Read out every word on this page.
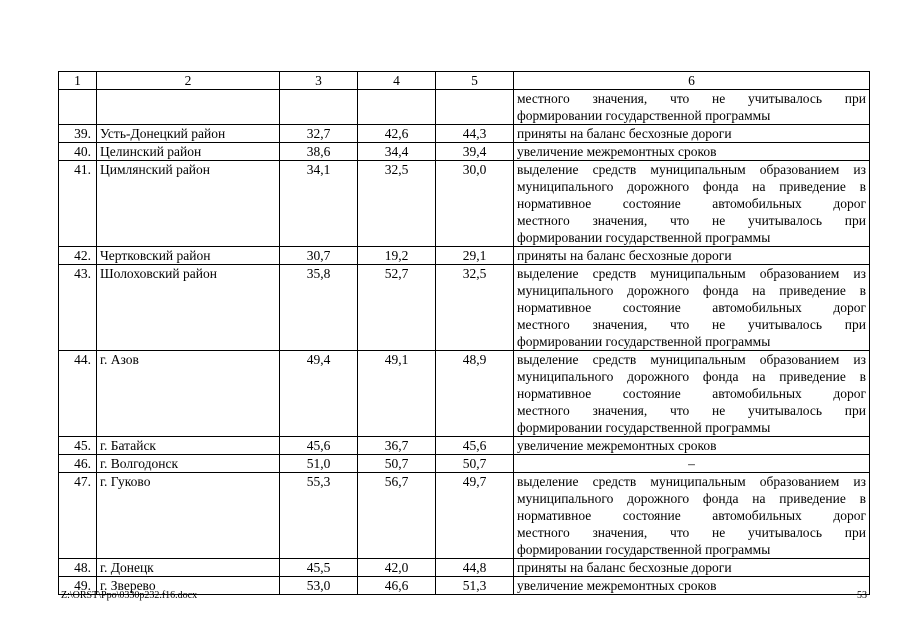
1	2	3	4	5	6

					местного значения, что не учитывалось при
формировании государственной программы

39.	Усть-Донецкий район	32,7	42,6	44,3	приняты на баланс бесхозные дороги

40.	Целинский район	38,6	34,4	39,4	увеличение межремонтных сроков

41.	Цимлянский район	34,1	32,5	30,0	выделение средств муниципальным образованием из
муниципального дорожного фонда на приведение в
нормативное состояние автомобильных дорог
местного значения, что не учитывалось при
формировании государственной программы

42.	Чертковский район	30,7	19,2	29,1	приняты на баланс бесхозные дороги

43.	Шолоховский район	35,8	52,7	32,5	выделение средств муниципальным образованием из
муниципального дорожного фонда на приведение в
нормативное состояние автомобильных дорог
местного значения, что не учитывалось при
формировании государственной программы

44.	г. Азов	49,4	49,1	48,9	выделение средств муниципальным образованием из
муниципального дорожного фонда на приведение в
нормативное состояние автомобильных дорог
местного значения, что не учитывалось при
формировании государственной программы

45.	г. Батайск	45,6	36,7	45,6	увеличение межремонтных сроков

46.	г. Волгодонск	51,0	50,7	50,7	–

47.	г. Гуково	55,3	56,7	49,7	выделение средств муниципальным образованием из
муниципального дорожного фонда на приведение в
нормативное состояние автомобильных дорог
местного значения, что не учитывалось при
формировании государственной программы

48.	г. Донецк	45,5	42,0	44,8	приняты на баланс бесхозные дороги

49.	г. Зверево	53,0	46,6	51,3	увеличение межремонтных сроков
Z:\ORST\Ppo\0330p232.f16.docx	53
